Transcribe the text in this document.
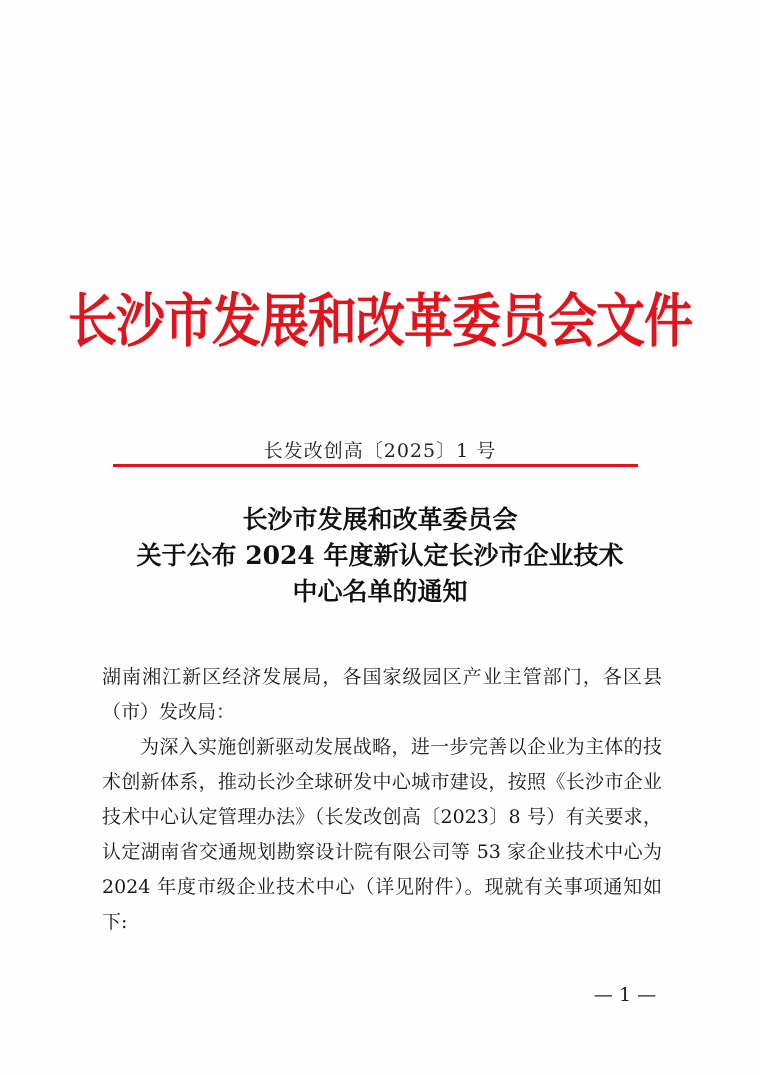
长沙市发展和改革委员会文件
长发改创高〔2025〕1 号
长沙市发展和改革委员会
关于公布 2024 年度新认定长沙市企业技术
中心名单的通知

湖南湘江新区经济发展局，各国家级园区产业主管部门，各区县（市）发改局：

为深入实施创新驱动发展战略，进一步完善以企业为主体的技术创新体系，推动长沙全球研发中心城市建设，按照《长沙市企业技术中心认定管理办法》（长发改创高〔2023〕8 号）有关要求，认定湖南省交通规划勘察设计院有限公司等 53 家企业技术中心为 2024 年度市级企业技术中心（详见附件）。现就有关事项通知如下:

— 1 —
